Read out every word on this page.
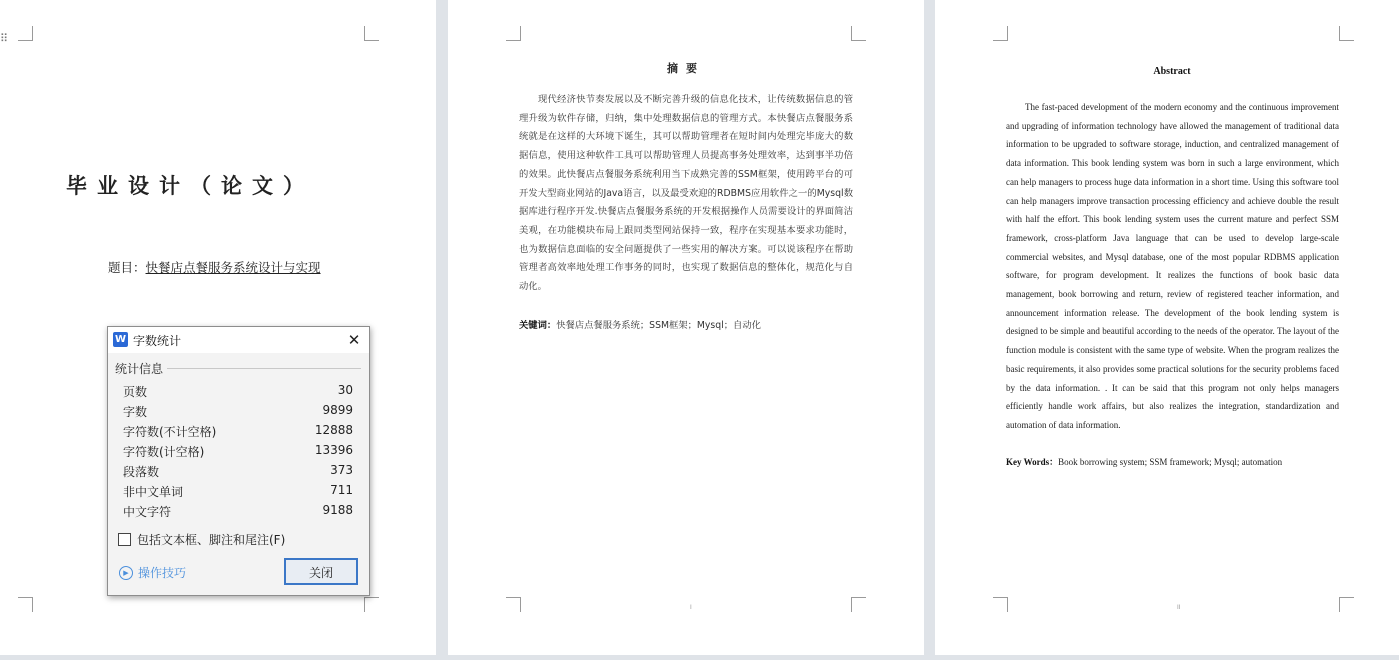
⠿
毕业设计（论文）
题目：快餐店点餐服务系统设计与实现
摘要
现代经济快节奏发展以及不断完善升级的信息化技术，让传统数据信息的管理升级为软件存储，归纳，集中处理数据信息的管理方式。本快餐店点餐服务系统就是在这样的大环境下诞生，其可以帮助管理者在短时间内处理完毕庞大的数据信息，使用这种软件工具可以帮助管理人员提高事务处理效率，达到事半功倍的效果。此快餐店点餐服务系统利用当下成熟完善的SSM框架，使用跨平台的可开发大型商业网站的Java语言，以及最受欢迎的RDBMS应用软件之一的Mysql数据库进行程序开发.快餐店点餐服务系统的开发根据操作人员需要设计的界面简洁美观，在功能模块布局上跟同类型网站保持一致，程序在实现基本要求功能时，也为数据信息面临的安全问题提供了一些实用的解决方案。可以说该程序在帮助管理者高效率地处理工作事务的同时，也实现了数据信息的整体化，规范化与自动化。
关键词：快餐店点餐服务系统；SSM框架；Mysql；自动化
I
Abstract
The fast-paced development of the modern economy and the continuous improvement and upgrading of information technology have allowed the management of traditional data information to be upgraded to software storage, induction, and centralized management of data information. This book lending system was born in such a large environment, which can help managers to process huge data information in a short time. Using this software tool can help managers improve transaction processing efficiency and achieve double the result with half the effort. This book lending system uses the current mature and perfect SSM framework, cross-platform Java language that can be used to develop large-scale commercial websites, and Mysql database, one of the most popular RDBMS application software, for program development. It realizes the functions of book basic data management, book borrowing and return, review of registered teacher information, and announcement information release. The development of the book lending system is designed to be simple and beautiful according to the needs of the operator. The layout of the function module is consistent with the same type of website. When the program realizes the basic requirements, it also provides some practical solutions for the security problems faced by the data information. . It can be said that this program not only helps managers efficiently handle work affairs, but also realizes the integration, standardization and automation of data information.
Key Words：Book borrowing system; SSM framework; Mysql; automation
II
W 字数统计	✕
统计信息
页数	30
字数	9899
字符数(不计空格)	12888
字符数(计空格)	13396
段落数	373
非中文单词	711
中文字符	9188
包括文本框、脚注和尾注(F)
▶ 操作技巧	关闭
